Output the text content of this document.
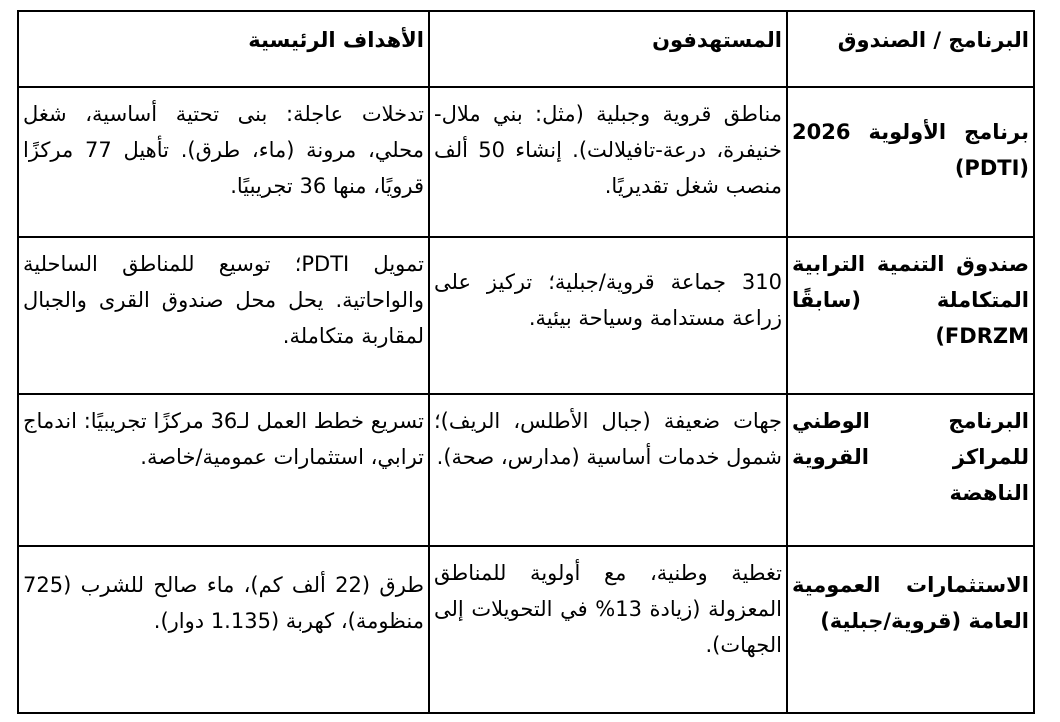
الأهداف الرئيسية	المستهدفون	البرنامج / الصندوق
تدخلات عاجلة: بنى تحتية أساسية، شغل محلي، مرونة (ماء، طرق). تأهيل 77 مركزًا قرويًا، منها 36 تجريبيًا.
مناطق قروية وجبلية (مثل: بني ملال-خنيفرة، درعة-تافيلالت). إنشاء 50 ألف منصب شغل تقديريًا.
برنامج الأولوية 2026 (PDTI)
تمويل PDTI؛ توسيع للمناطق الساحلية والواحاتية. يحل محل صندوق القرى والجبال لمقاربة متكاملة.
310 جماعة قروية/جبلية؛ تركيز على زراعة مستدامة وسياحة بيئية.
صندوق التنمية الترابية المتكاملة (سابقًا FDRZM)
تسريع خطط العمل لـ36 مركزًا تجريبيًا: اندماج ترابي، استثمارات عمومية/خاصة.
جهات ضعيفة (جبال الأطلس، الريف)؛ شمول خدمات أساسية (مدارس، صحة).
البرنامج الوطني للمراكز القروية الناهضة
طرق (22 ألف كم)، ماء صالح للشرب (725 منظومة)، كهربة (1.135 دوار).
تغطية وطنية، مع أولوية للمناطق المعزولة (زيادة 13% في التحويلات إلى الجهات).
الاستثمارات العمومية العامة (قروية/جبلية)
